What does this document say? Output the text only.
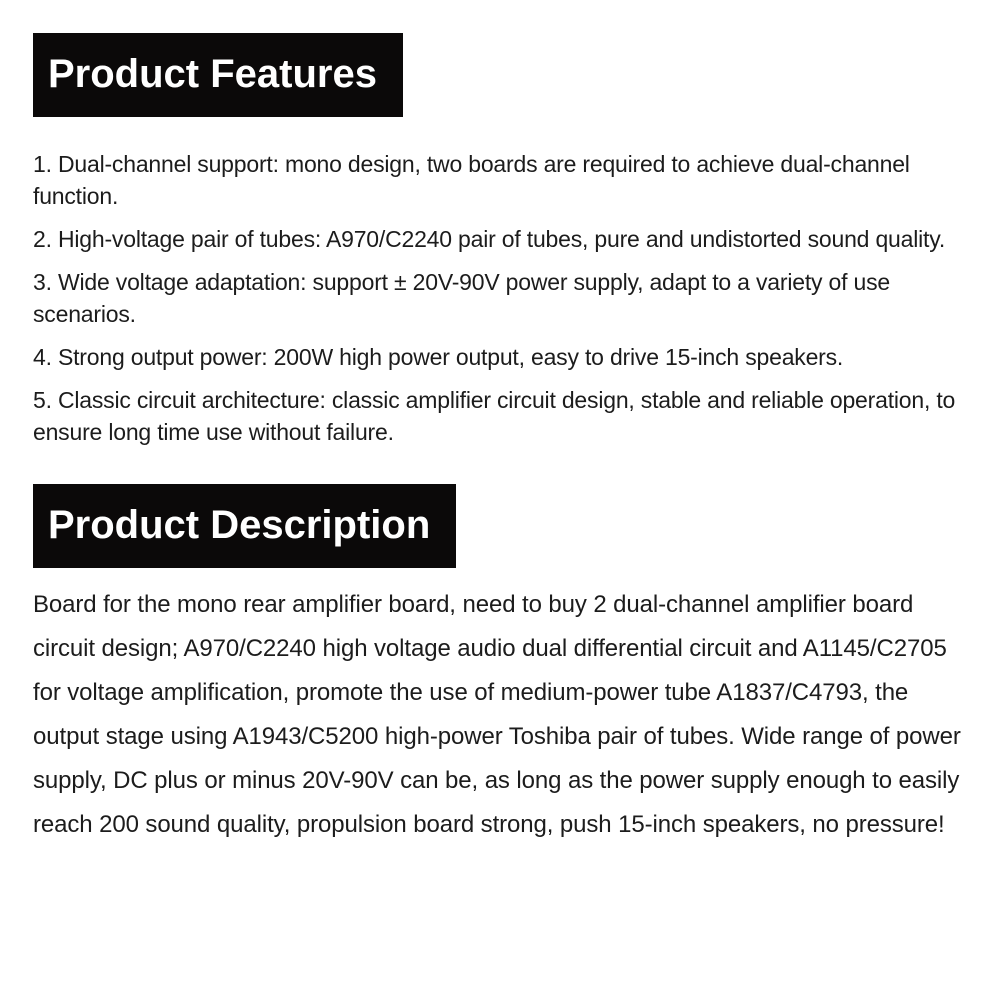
Product Features

1. Dual-channel support: mono design, two boards are required to achieve dual-channel function.

2. High-voltage pair of tubes: A970/C2240 pair of tubes, pure and undistorted sound quality.

3. Wide voltage adaptation: support ± 20V-90V power supply, adapt to a variety of use scenarios.

4. Strong output power: 200W high power output, easy to drive 15-inch speakers.

5. Classic circuit architecture: classic amplifier circuit design, stable and reliable operation, to ensure long time use without failure.

Product Description

Board for the mono rear amplifier board, need to buy 2 dual-channel amplifier board circuit design; A970/C2240 high voltage audio dual differential circuit and A1145/C2705 for voltage amplification, promote the use of medium-power tube A1837/C4793, the output stage using A1943/C5200 high-power Toshiba pair of tubes. Wide range of power supply, DC plus or minus 20V-90V can be, as long as the power supply enough to easily reach 200 sound quality, propulsion board strong, push 15-inch speakers, no pressure!
